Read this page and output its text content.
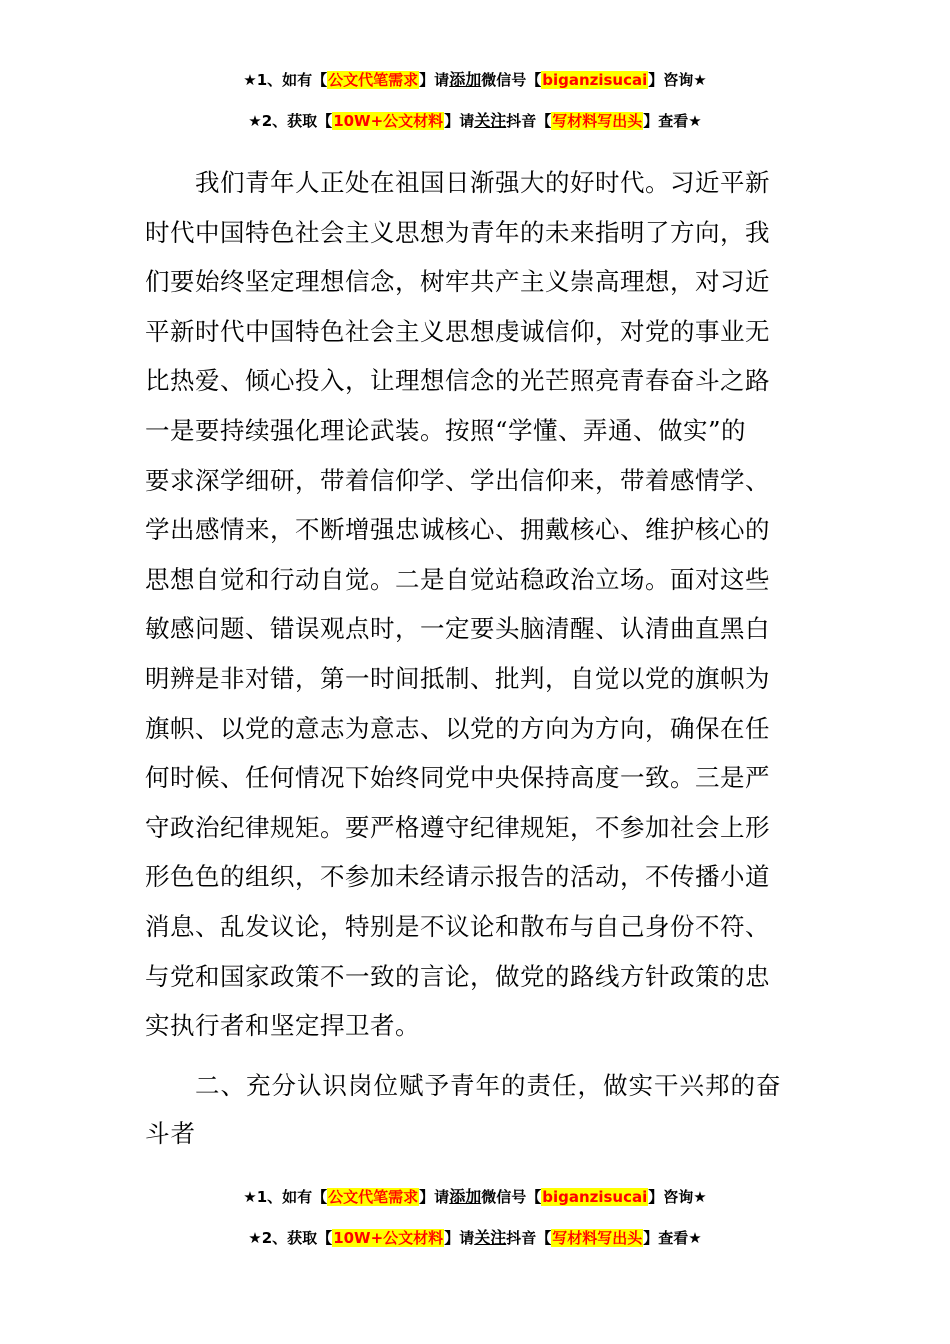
★1、如有【公文代笔需求】请添加微信号【biganzisucai】咨询★
★2、获取【10W+公文材料】请关注抖音【写材料写出头】查看★
我们青年人正处在祖国日渐强大的好时代。习近平新
时代中国特色社会主义思想为青年的未来指明了方向，我
们要始终坚定理想信念，树牢共产主义崇高理想，对习近
平新时代中国特色社会主义思想虔诚信仰，对党的事业无
比热爱、倾心投入，让理想信念的光芒照亮青春奋斗之路
一是要持续强化理论武装。按照“学懂、弄通、做实”的
要求深学细研，带着信仰学、学出信仰来，带着感情学、
学出感情来，不断增强忠诚核心、拥戴核心、维护核心的
思想自觉和行动自觉。二是自觉站稳政治立场。面对这些
敏感问题、错误观点时，一定要头脑清醒、认清曲直黑白
明辨是非对错，第一时间抵制、批判，自觉以党的旗帜为
旗帜、以党的意志为意志、以党的方向为方向，确保在任
何时候、任何情况下始终同党中央保持高度一致。三是严
守政治纪律规矩。要严格遵守纪律规矩，不参加社会上形
形色色的组织，不参加未经请示报告的活动，不传播小道
消息、乱发议论，特别是不议论和散布与自己身份不符、
与党和国家政策不一致的言论，做党的路线方针政策的忠
实执行者和坚定捍卫者。
二、充分认识岗位赋予青年的责任，做实干兴邦的奋
斗者
★1、如有【公文代笔需求】请添加微信号【biganzisucai】咨询★
★2、获取【10W+公文材料】请关注抖音【写材料写出头】查看★
